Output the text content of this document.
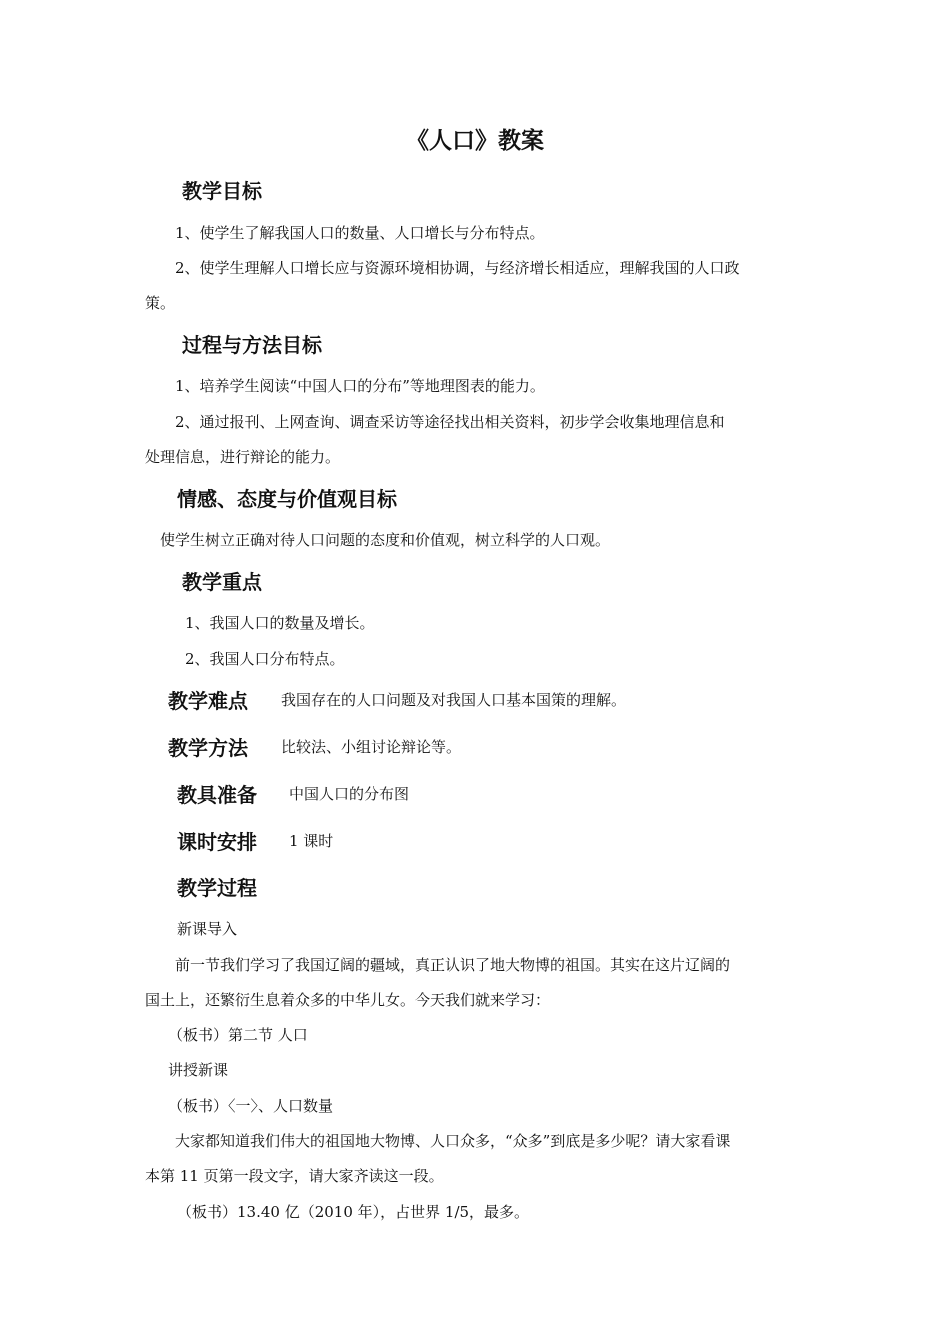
《人口》教案
教学目标
1、使学生了解我国人口的数量、人口增长与分布特点。
2、使学生理解人口增长应与资源环境相协调，与经济增长相适应，理解我国的人口政
策。
过程与方法目标
1、培养学生阅读“中国人口的分布”等地理图表的能力。
2、通过报刊、上网查询、调查采访等途径找出相关资料，初步学会收集地理信息和
处理信息，进行辩论的能力。
情感、态度与价值观目标
使学生树立正确对待人口问题的态度和价值观，树立科学的人口观。
教学重点
1、我国人口的数量及增长。
2、我国人口分布特点。
教学难点 我国存在的人口问题及对我国人口基本国策的理解。
教学方法 比较法、小组讨论辩论等。
教具准备 中国人口的分布图
课时安排 1 课时
教学过程
新课导入
前一节我们学习了我国辽阔的疆域，真正认识了地大物博的祖国。其实在这片辽阔的
国土上，还繁衍生息着众多的中华儿女。今天我们就来学习：
（板书）第二节 人口
讲授新课
（板书）〈一〉、人口数量
大家都知道我们伟大的祖国地大物博、人口众多，“众多”到底是多少呢？请大家看课
本第 11 页第一段文字，请大家齐读这一段。
（板书）13.40 亿（2010 年），占世界 1/5，最多。
